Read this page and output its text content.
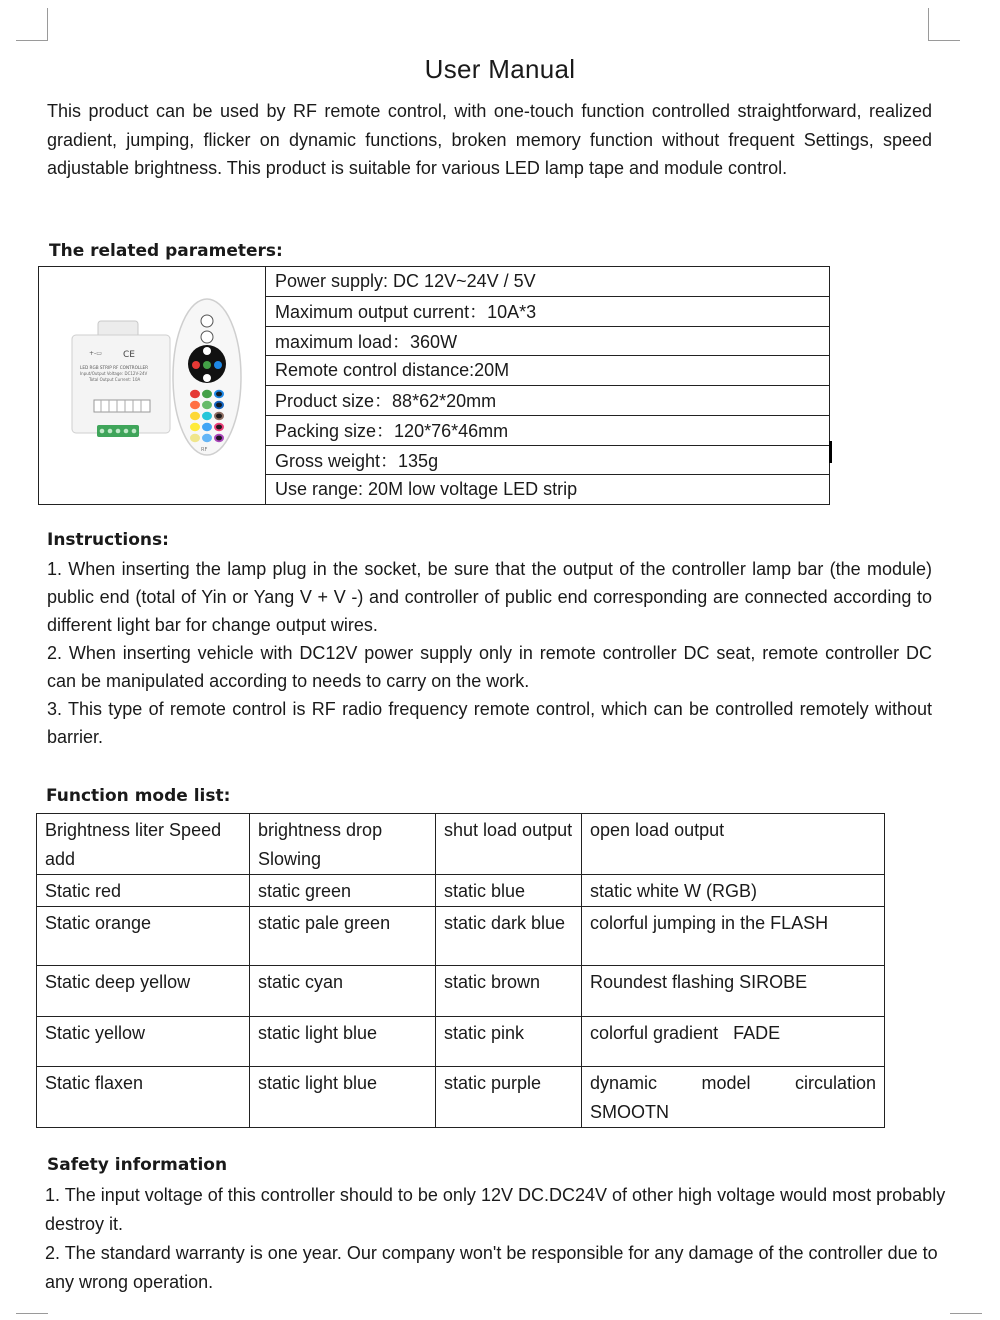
User Manual

This product can be used by RF remote control, with one-touch function controlled straightforward, realized gradient, jumping, flicker on dynamic functions, broken memory function without frequent Settings, speed adjustable brightness. This product is suitable for various LED lamp tape and module control.

The related parameters:
+-▭ CE
LED RGB STRIP RF CONTROLLER
Input/Output Voltage: DC12V-24V
Total Output Current: 10A
RF
	Power supply: DC 12V~24V / 5V
Maximum output current：10A*3
maximum load：360W
Remote control distance:20M
Product size：88*62*20mm
Packing size：120*76*46mm
Gross weight：135g
Use range: 20M low voltage LED strip
Instructions:

1. When inserting the lamp plug in the socket, be sure that the output of the controller lamp bar (the module) public end (total of Yin or Yang V + V -) and controller of public end corresponding are connected according to different light bar for change output wires.

2. When inserting vehicle with DC12V power supply only in remote controller DC seat, remote controller DC can be manipulated according to needs to carry on the work.

3. This type of remote control is RF radio frequency remote control, which can be controlled remotely without barrier.

Function mode list:
Brightness liter Speed add	brightness drop Slowing	shut load output	open load output
Static red	static green	static blue	static white W (RGB)
Static orange	static pale green	static dark blue	colorful jumping in the FLASH
Static deep yellow	static cyan	static brown	Roundest flashing SIROBE
Static yellow	static light blue	static pink	colorful gradient   FADE
Static flaxen	static light blue	static purple	dynamic model circulation SMOOTN
Safety information

1. The input voltage of this controller should to be only 12V DC.DC24V of other high voltage would most probably destroy it.

2. The standard warranty is one year. Our company won't be responsible for any damage of the controller due to any wrong operation.
